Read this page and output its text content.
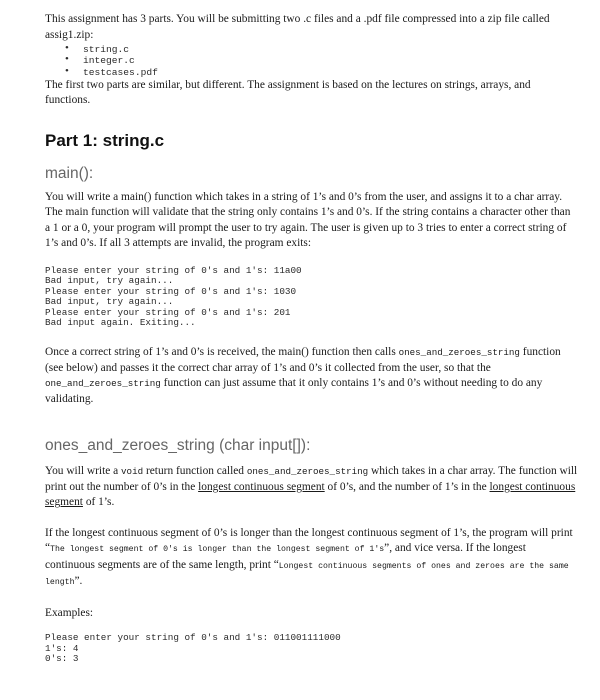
This assignment has 3 parts. You will be submitting two .c files and a .pdf file compressed into a zip file called assig1.zip:

• string.c
• integer.c
• testcases.pdf

The first two parts are similar, but different. The assignment is based on the lectures on strings, arrays, and functions.

Part 1: string.c
main():

You will write a main() function which takes in a string of 1’s and 0’s from the user, and assigns it to a char array. The main function will validate that the string only contains 1’s and 0’s. If the string contains a character other than a 1 or a 0, your program will prompt the user to try again. The user is given up to 3 tries to enter a correct string of 1’s and 0’s. If all 3 attempts are invalid, the program exits:

Please enter your string of 0's and 1's: 11a00
Bad input, try again...
Please enter your string of 0's and 1's: 1030
Bad input, try again...
Please enter your string of 0's and 1's: 201
Bad input again. Exiting...

Once a correct string of 1’s and 0’s is received, the main() function then calls ones_and_zeroes_string function (see below) and passes it the correct char array of 1’s and 0’s it collected from the user, so that the one_and_zeroes_string function can just assume that it only contains 1’s and 0’s without needing to do any validating.

ones_and_zeroes_string (char input[]):

You will write a void return function called ones_and_zeroes_string which takes in a char array. The function will print out the number of 0’s in the longest continuous segment of 0’s, and the number of 1’s in the longest continuous segment of 1’s.

If the longest continuous segment of 0’s is longer than the longest continuous segment of 1’s, the program will print “The longest segment of 0's is longer than the longest segment of 1's”, and vice versa. If the longest continuous segments are of the same length, print “Longest continuous segments of ones and zeroes are the same length”.

Examples:

Please enter your string of 0's and 1's: 011001111000
1's: 4
0's: 3
